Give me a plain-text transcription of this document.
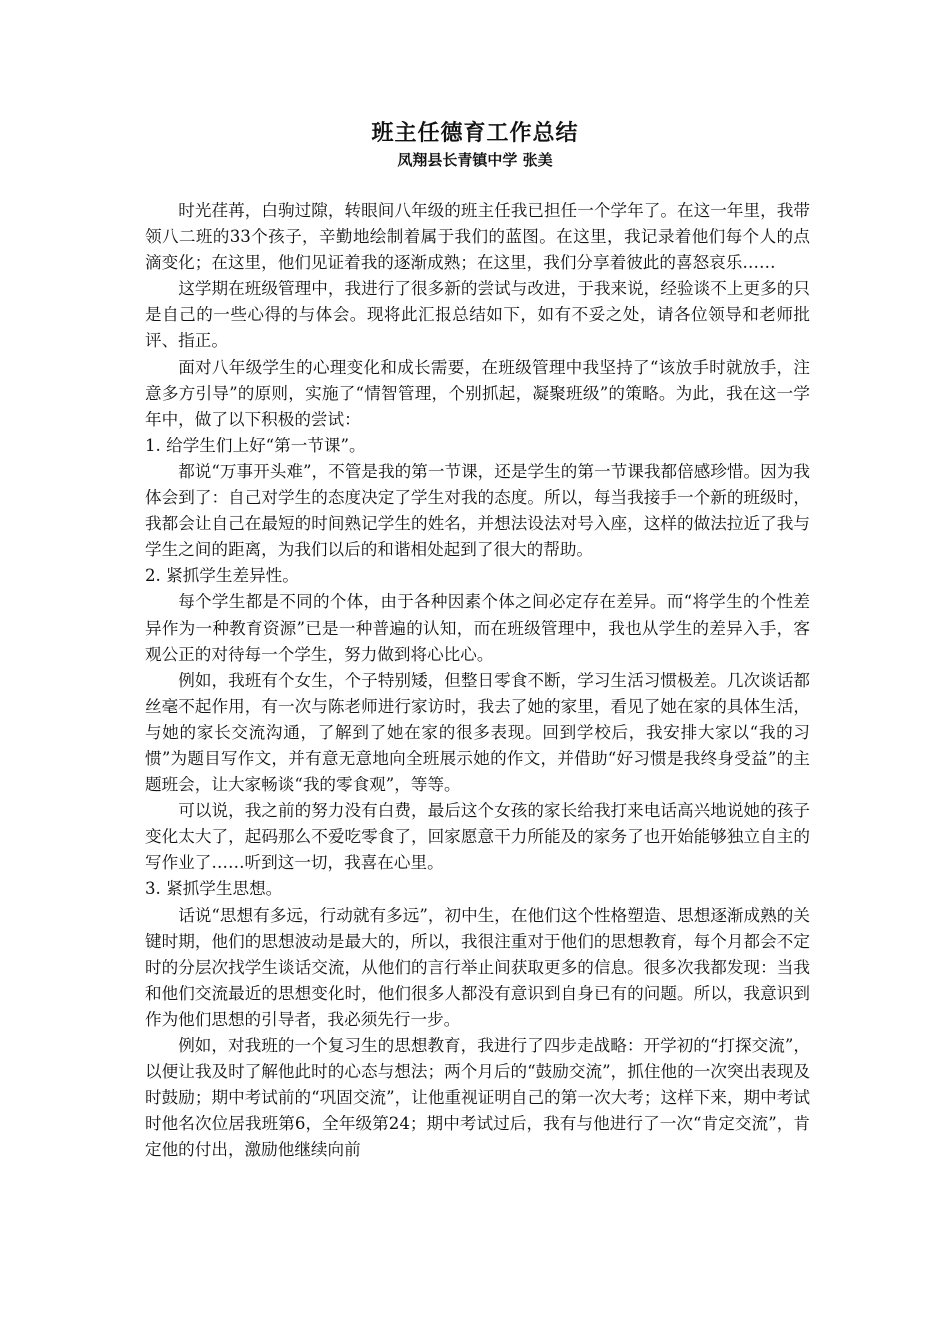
班主任德育工作总结
凤翔县长青镇中学 张美

时光荏苒，白驹过隙，转眼间八年级的班主任我已担任一个学年了。在这一年里，我带领八二班的33个孩子，辛勤地绘制着属于我们的蓝图。在这里，我记录着他们每个人的点滴变化；在这里，他们见证着我的逐渐成熟；在这里，我们分享着彼此的喜怒哀乐……

这学期在班级管理中，我进行了很多新的尝试与改进，于我来说，经验谈不上更多的只是自己的一些心得的与体会。现将此汇报总结如下，如有不妥之处，请各位领导和老师批评、指正。

面对八年级学生的心理变化和成长需要，在班级管理中我坚持了“该放手时就放手，注意多方引导”的原则，实施了“情智管理，个别抓起，凝聚班级”的策略。为此，我在这一学年中，做了以下积极的尝试：

1. 给学生们上好“第一节课”。

都说“万事开头难”，不管是我的第一节课，还是学生的第一节课我都倍感珍惜。因为我体会到了：自己对学生的态度决定了学生对我的态度。所以，每当我接手一个新的班级时，我都会让自己在最短的时间熟记学生的姓名，并想法设法对号入座，这样的做法拉近了我与学生之间的距离，为我们以后的和谐相处起到了很大的帮助。

2. 紧抓学生差异性。

每个学生都是不同的个体，由于各种因素个体之间必定存在差异。而“将学生的个性差异作为一种教育资源”已是一种普遍的认知，而在班级管理中，我也从学生的差异入手，客观公正的对待每一个学生，努力做到将心比心。

例如，我班有个女生，个子特别矮，但整日零食不断，学习生活习惯极差。几次谈话都丝毫不起作用，有一次与陈老师进行家访时，我去了她的家里，看见了她在家的具体生活，与她的家长交流沟通，了解到了她在家的很多表现。回到学校后，我安排大家以“我的习惯”为题目写作文，并有意无意地向全班展示她的作文，并借助“好习惯是我终身受益”的主题班会，让大家畅谈“我的零食观”，等等。

可以说，我之前的努力没有白费，最后这个女孩的家长给我打来电话高兴地说她的孩子变化太大了，起码那么不爱吃零食了，回家愿意干力所能及的家务了也开始能够独立自主的写作业了……听到这一切，我喜在心里。

3. 紧抓学生思想。

话说“思想有多远，行动就有多远”，初中生，在他们这个性格塑造、思想逐渐成熟的关键时期，他们的思想波动是最大的，所以，我很注重对于他们的思想教育，每个月都会不定时的分层次找学生谈话交流，从他们的言行举止间获取更多的信息。很多次我都发现：当我和他们交流最近的思想变化时，他们很多人都没有意识到自身已有的问题。所以，我意识到作为他们思想的引导者，我必须先行一步。

例如，对我班的一个复习生的思想教育，我进行了四步走战略：开学初的“打探交流”，以便让我及时了解他此时的心态与想法；两个月后的“鼓励交流”，抓住他的一次突出表现及时鼓励；期中考试前的“巩固交流”，让他重视证明自己的第一次大考；这样下来，期中考试时他名次位居我班第6，全年级第24；期中考试过后，我有与他进行了一次“肯定交流”，肯定他的付出，激励他继续向前
